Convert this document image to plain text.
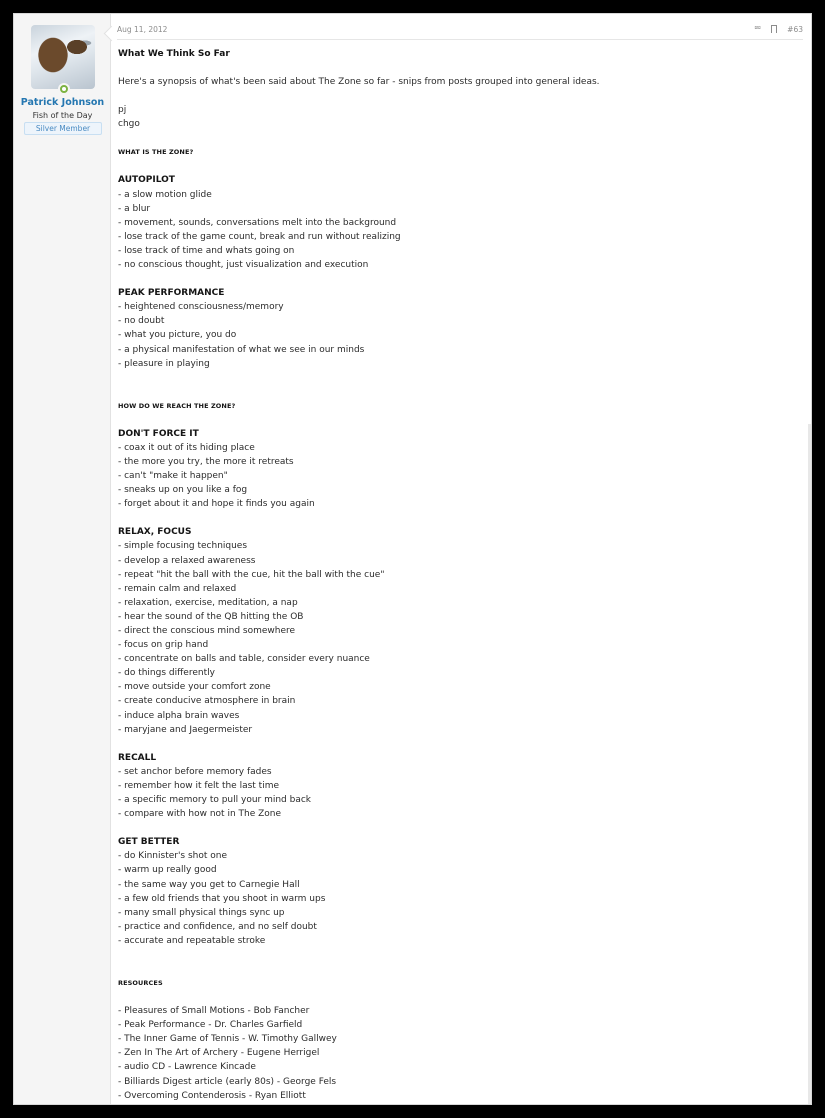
Patrick Johnson
Fish of the Day
Silver Member
Aug 11, 2012	⮹	#63
What We Think So Far
Here's a synopsis of what's been said about The Zone so far - snips from posts grouped into general ideas.
pj
chgo
WHAT IS THE ZONE?
AUTOPILOT
- a slow motion glide
- a blur
- movement, sounds, conversations melt into the background
- lose track of the game count, break and run without realizing
- lose track of time and whats going on
- no conscious thought, just visualization and execution
PEAK PERFORMANCE
- heightened consciousness/memory
- no doubt
- what you picture, you do
- a physical manifestation of what we see in our minds
- pleasure in playing
HOW DO WE REACH THE ZONE?
DON'T FORCE IT
- coax it out of its hiding place
- the more you try, the more it retreats
- can't "make it happen"
- sneaks up on you like a fog
- forget about it and hope it finds you again
RELAX, FOCUS
- simple focusing techniques
- develop a relaxed awareness
- repeat "hit the ball with the cue, hit the ball with the cue"
- remain calm and relaxed
- relaxation, exercise, meditation, a nap
- hear the sound of the QB hitting the OB
- direct the conscious mind somewhere
- focus on grip hand
- concentrate on balls and table, consider every nuance
- do things differently
- move outside your comfort zone
- create conducive atmosphere in brain
- induce alpha brain waves
- maryjane and Jaegermeister
RECALL
- set anchor before memory fades
- remember how it felt the last time
- a specific memory to pull your mind back
- compare with how not in The Zone
GET BETTER
- do Kinnister's shot one
- warm up really good
- the same way you get to Carnegie Hall
- a few old friends that you shoot in warm ups
- many small physical things sync up
- practice and confidence, and no self doubt
- accurate and repeatable stroke
RESOURCES
- Pleasures of Small Motions - Bob Fancher
- Peak Performance - Dr. Charles Garfield
- The Inner Game of Tennis - W. Timothy Gallwey
- Zen In The Art of Archery - Eugene Herrigel
- audio CD - Lawrence Kincade
- Billiards Digest article (early 80s) - George Fels
- Overcoming Contenderosis - Ryan Elliott
